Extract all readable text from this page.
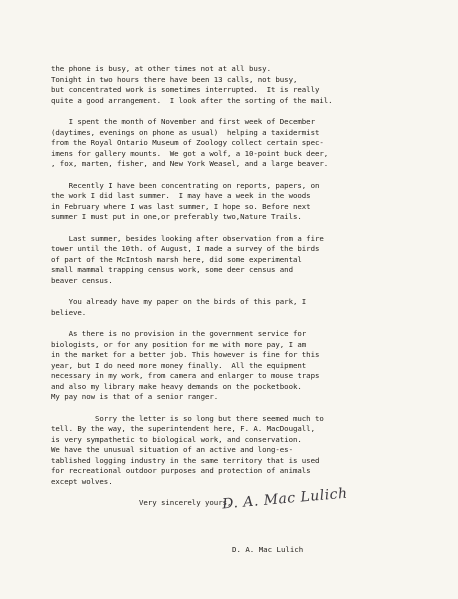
the phone is busy, at other times not at all busy.
Tonight in two hours there have been 13 calls, not busy,
but concentrated work is sometimes interrupted.  It is really
quite a good arrangement.  I look after the sorting of the mail.
I spent the month of November and first week of December
(daytimes, evenings on phone as usual)  helping a taxidermist
from the Royal Ontario Museum of Zoology collect certain spec-
imens for gallery mounts.  We got a wolf, a 10-point buck deer,
, fox, marten, fisher, and New York Weasel, and a large beaver.
Recently I have been concentrating on reports, papers, on
the work I did last summer.  I may have a week in the woods
in February where I was last summer, I hope so. Before next
summer I must put in one,or preferably two,Nature Trails.
Last summer, besides looking after observation from a fire
tower until the 10th. of August, I made a survey of the birds
of part of the McIntosh marsh here, did some experimental
small mammal trapping census work, some deer census and
beaver census.
You already have my paper on the birds of this park, I
believe.
As there is no provision in the government service for
biologists, or for any position for me with more pay, I am
in the market for a better job. This however is fine for this
year, but I do need more money finally.  All the equipment
necessary in my work, from camera and enlarger to mouse traps
and also my library make heavy demands on the pocketbook.
My pay now is that of a senior ranger.
Sorry the letter is so long but there seemed much to
tell. By the way, the superintendent here, F. A. MacDougall,
is very sympathetic to biological work, and conservation.
We have the unusual situation of an active and long-es-
tablished logging industry in the same territory that is used
for recreational outdoor purposes and protection of animals
except wolves.
Very sincerely yours,
D. A. Mac Lulich
D. A. Mac Lulich
